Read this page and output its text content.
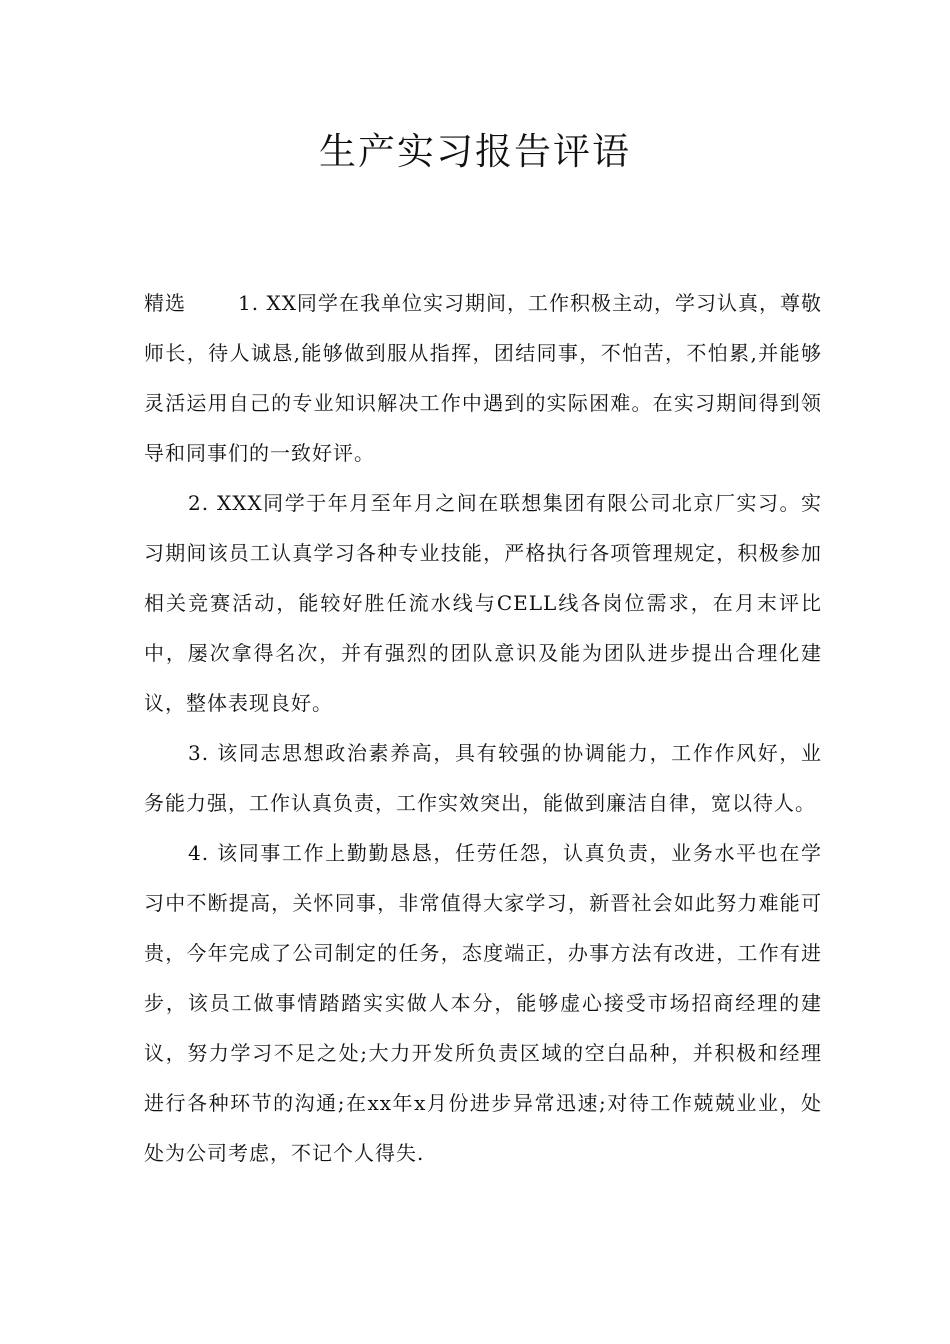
生产实习报告评语

精选	1. XX同学在我单位实习期间，工作积极主动，学习认真，尊敬师长，待人诚恳,能够做到服从指挥，团结同事，不怕苦，不怕累,并能够灵活运用自己的专业知识解决工作中遇到的实际困难。在实习期间得到领导和同事们的一致好评。

2. XXX同学于年月至年月之间在联想集团有限公司北京厂实习。实习期间该员工认真学习各种专业技能，严格执行各项管理规定，积极参加相关竞赛活动，能较好胜任流水线与CELL线各岗位需求，在月末评比中，屡次拿得名次，并有强烈的团队意识及能为团队进步提出合理化建议，整体表现良好。

3. 该同志思想政治素养高，具有较强的协调能力，工作作风好，业务能力强，工作认真负责，工作实效突出，能做到廉洁自律，宽以待人。

4. 该同事工作上勤勤恳恳，任劳任怨，认真负责，业务水平也在学习中不断提高，关怀同事，非常值得大家学习，新晋社会如此努力难能可贵，今年完成了公司制定的任务，态度端正，办事方法有改进，工作有进步，该员工做事情踏踏实实做人本分，能够虚心接受市场招商经理的建议，努力学习不足之处;大力开发所负责区域的空白品种，并积极和经理进行各种环节的沟通;在xx年x月份进步异常迅速;对待工作兢兢业业，处处为公司考虑，不记个人得失.
